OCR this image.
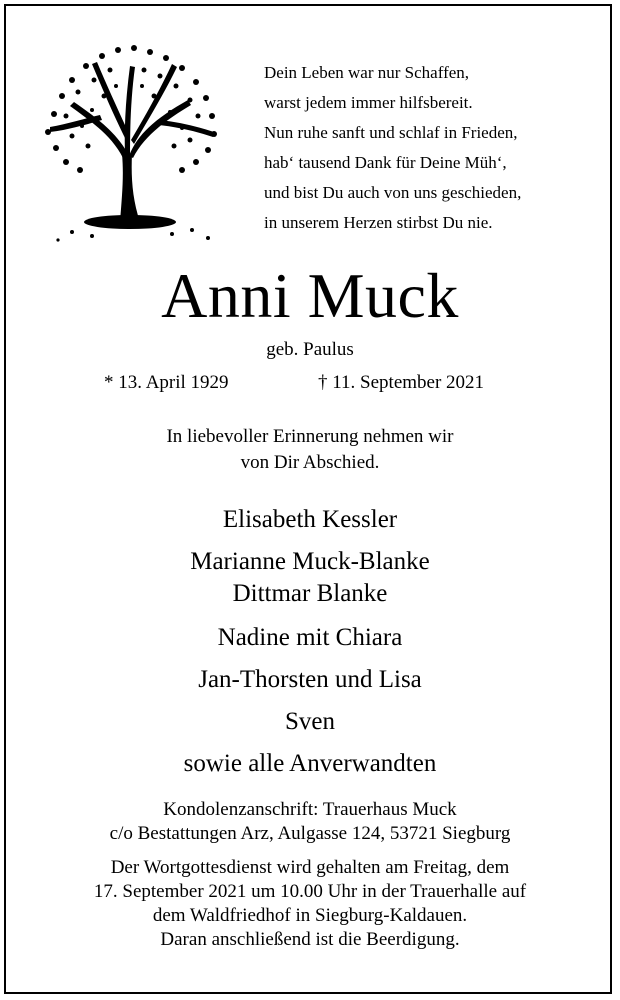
Dein Leben war nur Schaffen,
warst jedem immer hilfsbereit.
Nun ruhe sanft und schlaf in Frieden,
hab‘ tausend Dank für Deine Müh‘,
und bist Du auch von uns geschieden,
in unserem Herzen stirbst Du nie.
Anni Muck
geb. Paulus
* 13. April 1929	† 11. September 2021
In liebevoller Erinnerung nehmen wir
von Dir Abschied.
Elisabeth Kessler
Marianne Muck-Blanke
Dittmar Blanke
Nadine mit Chiara
Jan-Thorsten und Lisa
Sven
sowie alle Anverwandten
Kondolenzanschrift: Trauerhaus Muck
c/o Bestattungen Arz, Aulgasse 124, 53721 Siegburg
Der Wortgottesdienst wird gehalten am Freitag, dem
17. September 2021 um 10.00 Uhr in der Trauerhalle auf
dem Waldfriedhof in Siegburg-Kaldauen.
Daran anschließend ist die Beerdigung.
